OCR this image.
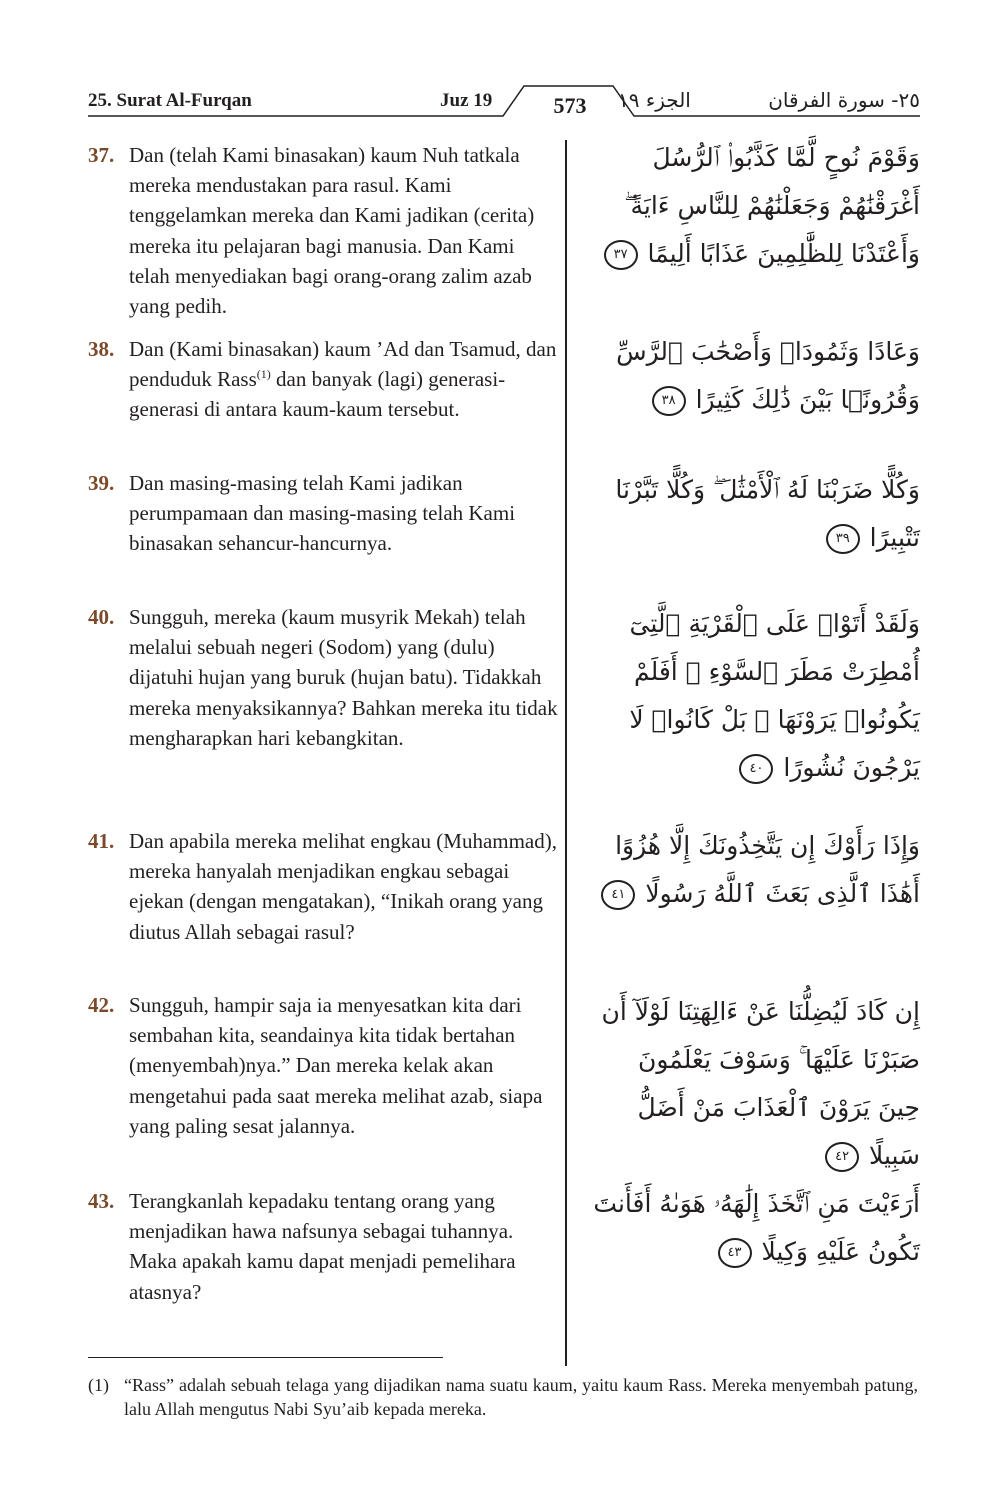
25. Surat Al-Furqan	Juz 19	573	الجزء ١٩	٢٥- سورة الفرقان
37. Dan (telah Kami binasakan) kaum Nuh tatkala mereka mendustakan para rasul. Kami tenggelamkan mereka dan Kami jadikan (cerita) mereka itu pelajaran bagi manusia. Dan Kami telah menyediakan bagi orang-orang zalim azab yang pedih.
وَقَوْمَ نُوحٍ لَّمَّا كَذَّبُوا۟ ٱلرُّسُلَ أَغْرَقْنَٰهُمْ وَجَعَلْنَٰهُمْ لِلنَّاسِ ءَايَةً ۖ وَأَعْتَدْنَا لِلظَّٰلِمِينَ عَذَابًا أَلِيمًا ٣٧
38. Dan (Kami binasakan) kaum ’Ad dan Tsamud, dan penduduk Rass$^{(1)}$ dan banyak (lagi) generasi-generasi di antara kaum-kaum tersebut.
وَعَادًا وَثَمُودَا۟ وَأَصْحَٰبَ ٱلرَّسِّ وَقُرُونًۢا بَيْنَ ذَٰلِكَ كَثِيرًا ٣٨
39. Dan masing-masing telah Kami jadikan perumpamaan dan masing-masing telah Kami binasakan sehancur-hancurnya.
وَكُلًّا ضَرَبْنَا لَهُ ٱلْأَمْثَٰلَ ۖ وَكُلًّا تَبَّرْنَا تَتْبِيرًا ٣٩
40. Sungguh, mereka (kaum musyrik Mekah) telah melalui sebuah negeri (Sodom) yang (dulu) dijatuhi hujan yang buruk (hujan batu). Tidakkah mereka menyaksikannya? Bahkan mereka itu tidak mengharapkan hari kebangkitan.
وَلَقَدْ أَتَوْا۟ عَلَى ٱلْقَرْيَةِ ٱلَّتِىٓ أُمْطِرَتْ مَطَرَ ٱلسَّوْءِ ۚ أَفَلَمْ يَكُونُوا۟ يَرَوْنَهَا ۚ بَلْ كَانُوا۟ لَا يَرْجُونَ نُشُورًا ٤٠
41. Dan apabila mereka melihat engkau (Muhammad), mereka hanyalah menjadikan engkau sebagai ejekan (dengan mengatakan), “Inikah orang yang diutus Allah sebagai rasul?
وَإِذَا رَأَوْكَ إِن يَتَّخِذُونَكَ إِلَّا هُزُوًا أَهَٰذَا ٱلَّذِى بَعَثَ ٱللَّهُ رَسُولًا ٤١
42. Sungguh, hampir saja ia menyesatkan kita dari sembahan kita, seandainya kita tidak bertahan (menyembah)nya.” Dan mereka kelak akan mengetahui pada saat mereka melihat azab, siapa yang paling sesat jalannya.
إِن كَادَ لَيُضِلُّنَا عَنْ ءَالِهَتِنَا لَوْلَآ أَن صَبَرْنَا عَلَيْهَا ۚ وَسَوْفَ يَعْلَمُونَ حِينَ يَرَوْنَ ٱلْعَذَابَ مَنْ أَضَلُّ سَبِيلًا ٤٢
43. Terangkanlah kepadaku tentang orang yang menjadikan hawa nafsunya sebagai tuhannya. Maka apakah kamu dapat menjadi pemelihara atasnya?
أَرَءَيْتَ مَنِ ٱتَّخَذَ إِلَٰهَهُۥ هَوَىٰهُ أَفَأَنتَ تَكُونُ عَلَيْهِ وَكِيلًا ٤٣
(1) “Rass” adalah sebuah telaga yang dijadikan nama suatu kaum, yaitu kaum Rass. Mereka menyembah patung, lalu Allah mengutus Nabi Syu’aib kepada mereka.
